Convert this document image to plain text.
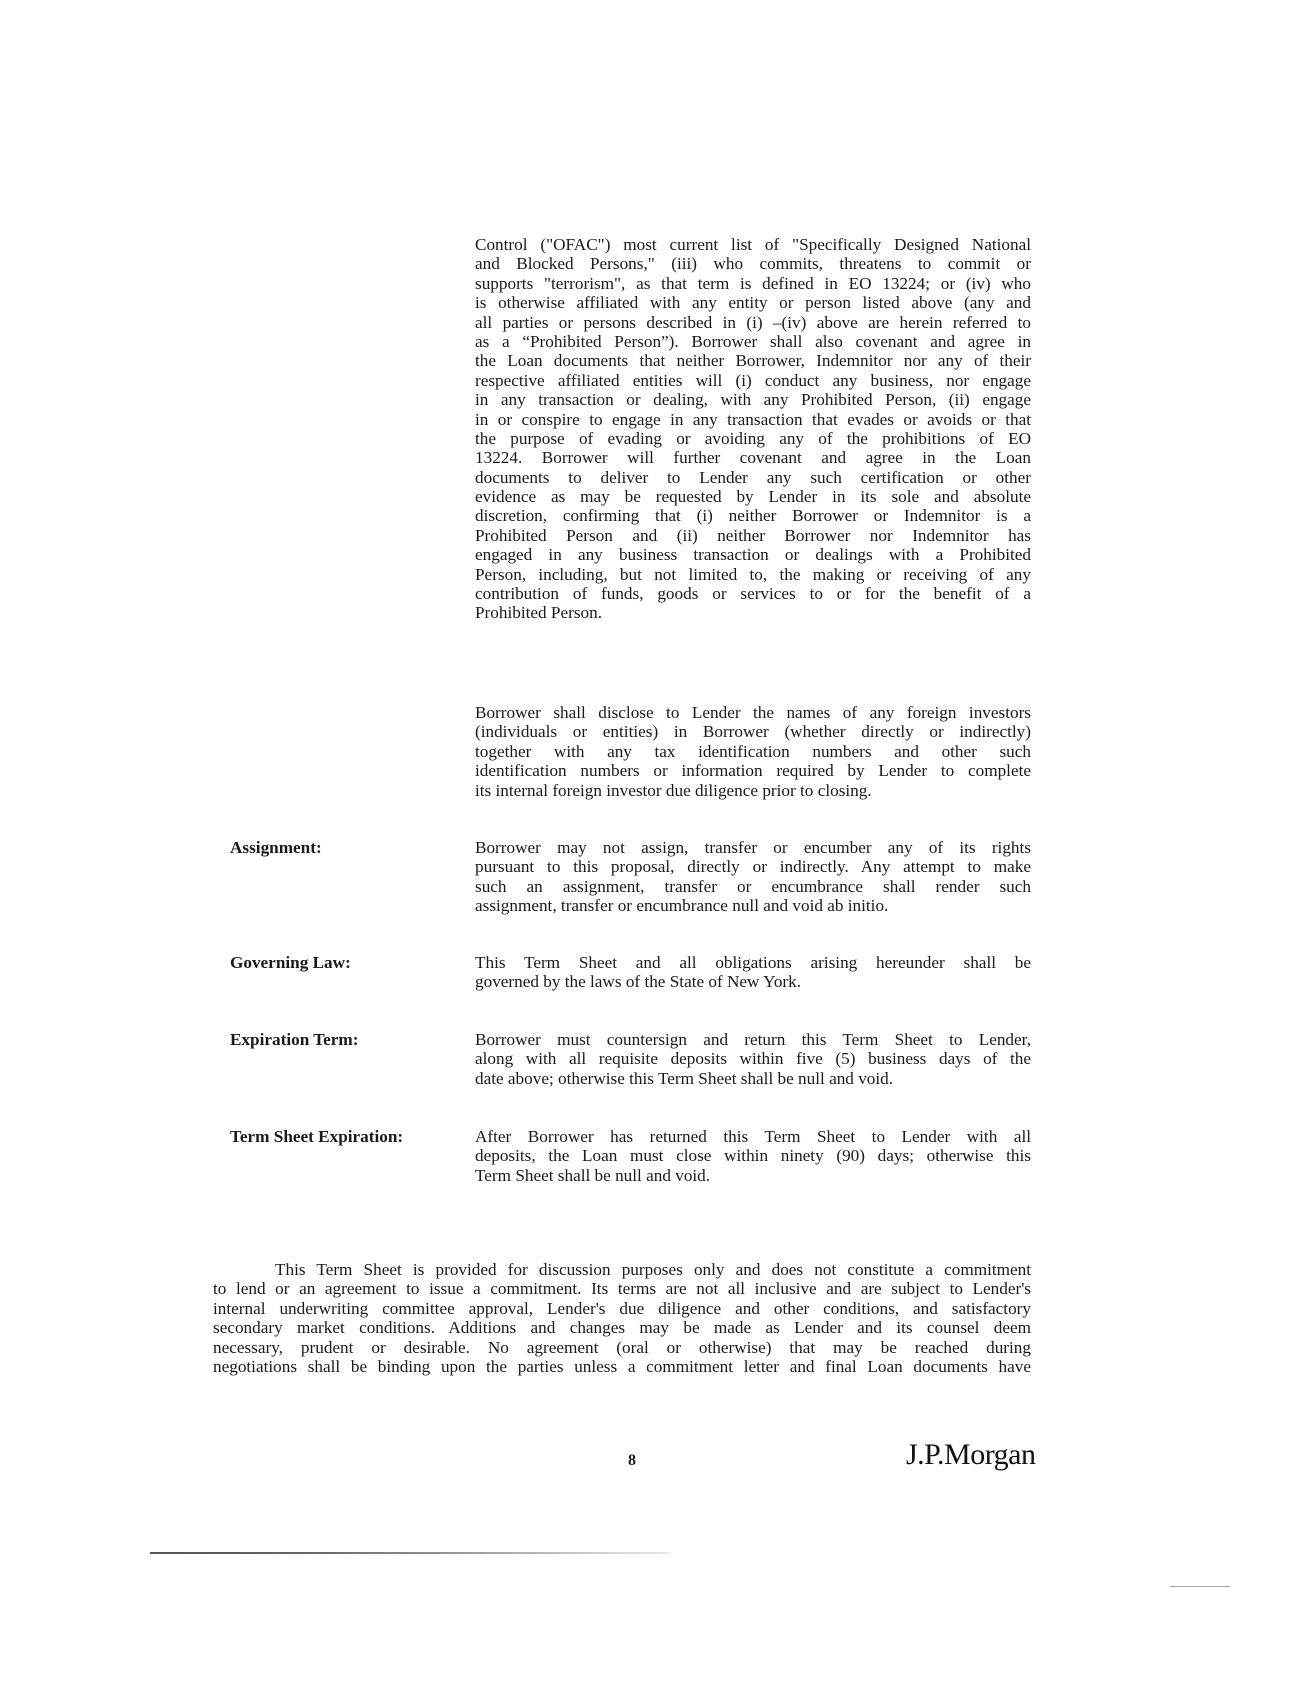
Control ("OFAC") most current list of "Specifically Designed National
and Blocked Persons," (iii) who commits, threatens to commit or
supports "terrorism", as that term is defined in EO 13224; or (iv) who
is otherwise affiliated with any entity or person listed above (any and
all parties or persons described in (i) –(iv) above are herein referred to
as a “Prohibited Person”). Borrower shall also covenant and agree in
the Loan documents that neither Borrower, Indemnitor nor any of their
respective affiliated entities will (i) conduct any business, nor engage
in any transaction or dealing, with any Prohibited Person, (ii) engage
in or conspire to engage in any transaction that evades or avoids or that
the purpose of evading or avoiding any of the prohibitions of EO
13224. Borrower will further covenant and agree in the Loan
documents to deliver to Lender any such certification or other
evidence as may be requested by Lender in its sole and absolute
discretion, confirming that (i) neither Borrower or Indemnitor is a
Prohibited Person and (ii) neither Borrower nor Indemnitor has
engaged in any business transaction or dealings with a Prohibited
Person, including, but not limited to, the making or receiving of any
contribution of funds, goods or services to or for the benefit of a
Prohibited Person.
Borrower shall disclose to Lender the names of any foreign investors
(individuals or entities) in Borrower (whether directly or indirectly)
together with any tax identification numbers and other such
identification numbers or information required by Lender to complete
its internal foreign investor due diligence prior to closing.
Assignment:	Borrower may not assign, transfer or encumber any of its rights
pursuant to this proposal, directly or indirectly. Any attempt to make
such an assignment, transfer or encumbrance shall render such
assignment, transfer or encumbrance null and void ab initio.
Governing Law:	This Term Sheet and all obligations arising hereunder shall be
governed by the laws of the State of New York.
Expiration Term:	Borrower must countersign and return this Term Sheet to Lender,
along with all requisite deposits within five (5) business days of the
date above; otherwise this Term Sheet shall be null and void.
Term Sheet Expiration:	After Borrower has returned this Term Sheet to Lender with all
deposits, the Loan must close within ninety (90) days; otherwise this
Term Sheet shall be null and void.
This Term Sheet is provided for discussion purposes only and does not constitute a commitment
to lend or an agreement to issue a commitment. Its terms are not all inclusive and are subject to Lender's
internal underwriting committee approval, Lender's due diligence and other conditions, and satisfactory
secondary market conditions. Additions and changes may be made as Lender and its counsel deem
necessary, prudent or desirable. No agreement (oral or otherwise) that may be reached during
negotiations shall be binding upon the parties unless a commitment letter and final Loan documents have
8	J.P.Morgan
